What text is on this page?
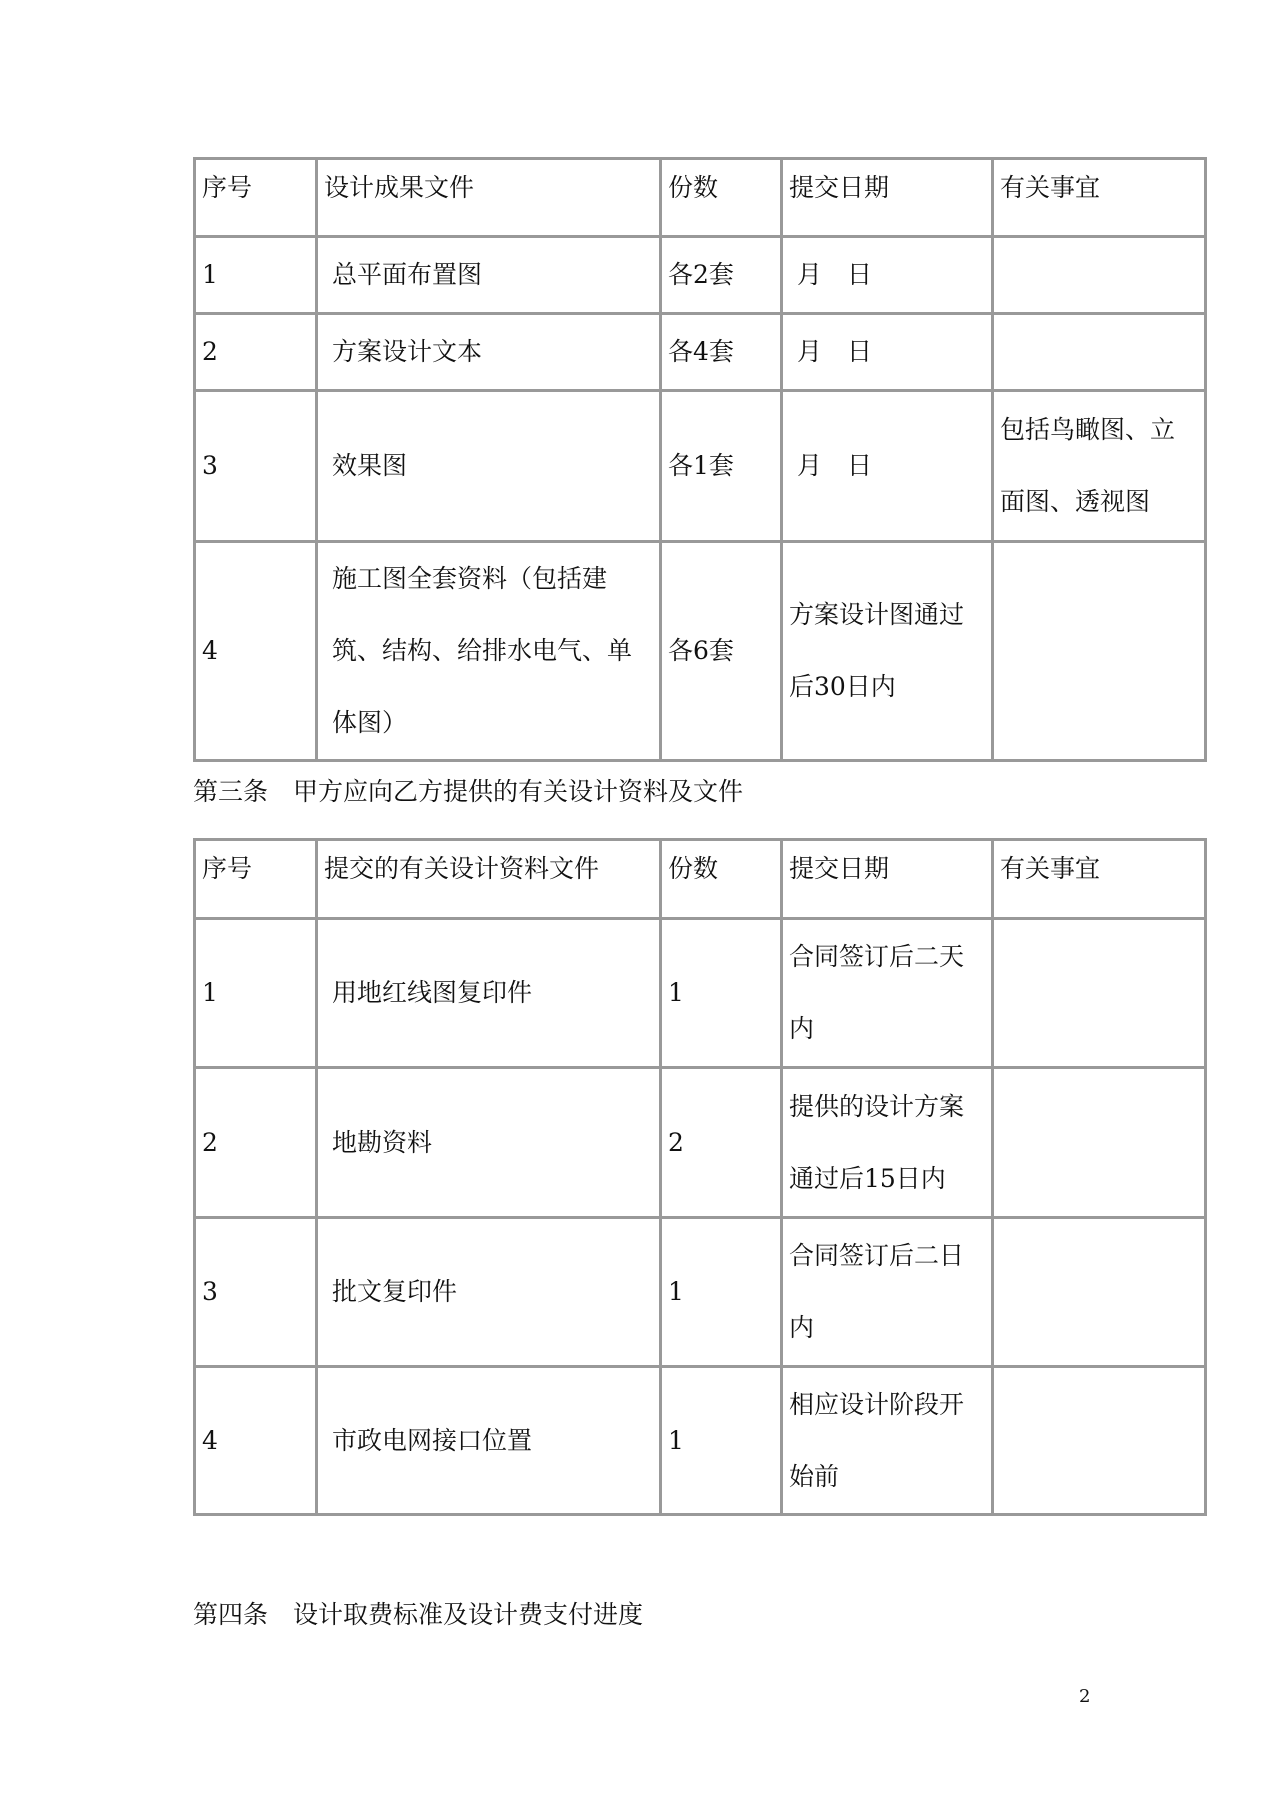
序号	设计成果文件	份数	提交日期	有关事宜
1	总平面布置图	各2套	月　日	
2	方案设计文本	各4套	月　日	
3	效果图	各1套	月　日	包括鸟瞰图、立面图、透视图
4	施工图全套资料（包括建筑、结构、给排水电气、单体图）	各6套	方案设计图通过后30日内	
第三条　甲方应向乙方提供的有关设计资料及文件
序号	提交的有关设计资料文件	份数	提交日期	有关事宜
1	用地红线图复印件	1	合同签订后二天内	
2	地勘资料	2	提供的设计方案通过后15日内	
3	批文复印件	1	合同签订后二日内	
4	市政电网接口位置	1	相应设计阶段开始前	
第四条　设计取费标准及设计费支付进度
2
